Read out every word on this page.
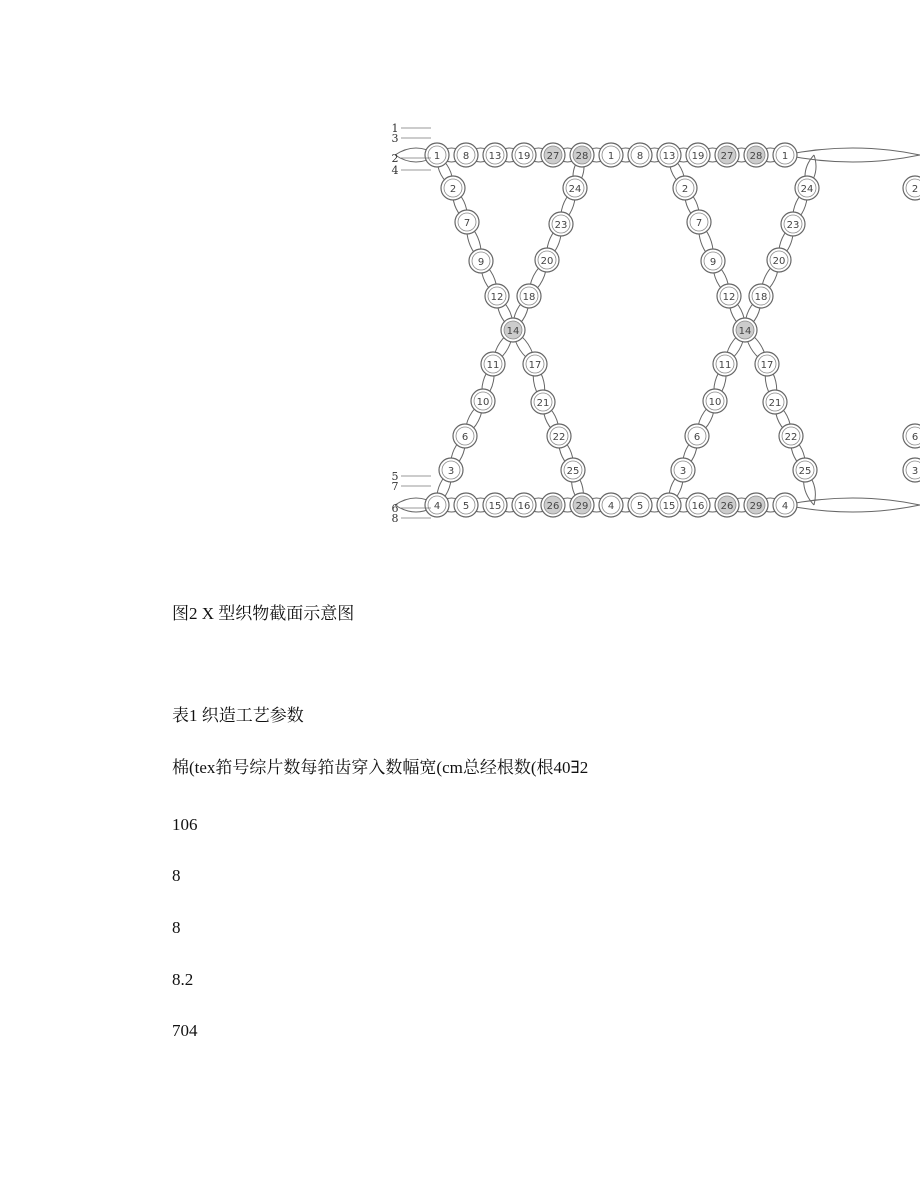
2
7
9
12
24
23
20
18
14
11
10
6
3
17
21
22
25
2
7
9
12
24
23
20
18
14
11
10
6
3
17
21
22
25
2
6
3
1 8 13 19 27 28 1 8 13 19 27 28 1
4 5 15 16 26 29 4 5 15 16 26 29 4
1
3
2
4
5
7
6
8
图2 X 型织物截面示意图
表1 织造工艺参数
棉(tex筘号综片数每筘齿穿入数幅宽(cm总经根数(根40∃2
106
8
8
8.2
704
